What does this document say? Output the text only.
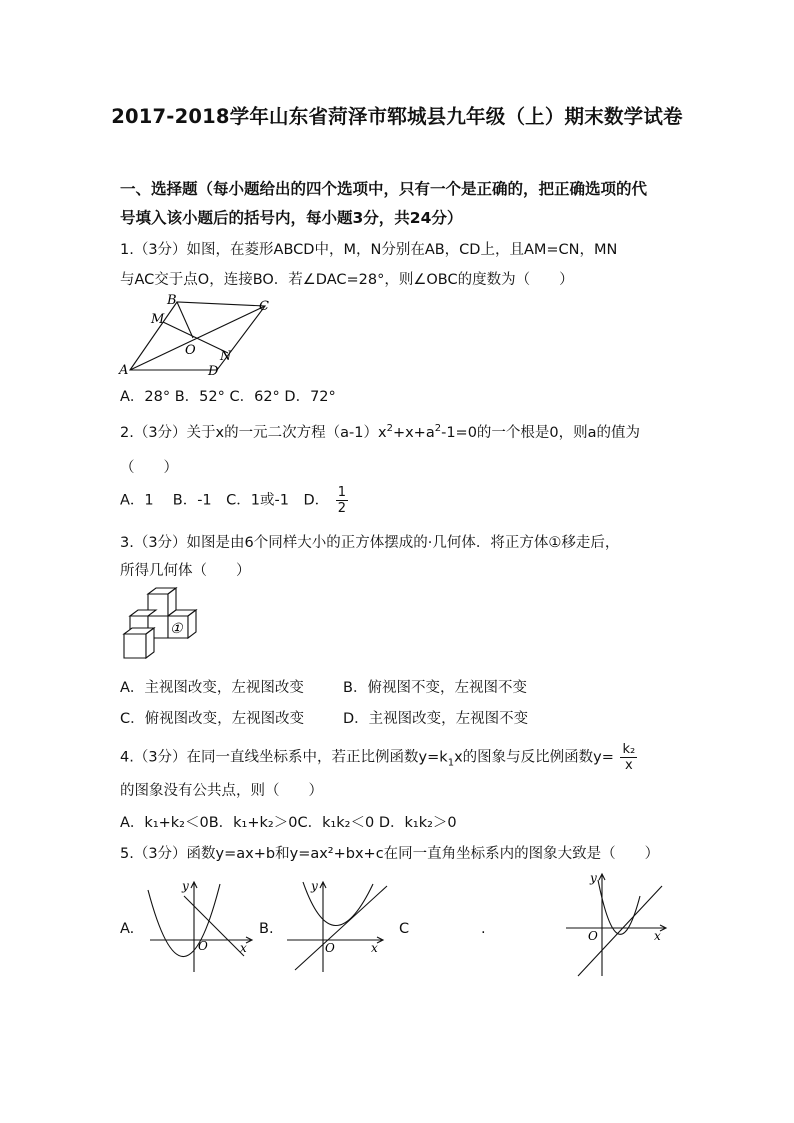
2017-2018学年山东省菏泽市郓城县九年级（上）期末数学试卷
一、选择题（每小题给出的四个选项中，只有一个是正确的，把正确选项的代
号填入该小题后的括号内，每小题3分，共24分）
1.（3分）如图，在菱形ABCD中，M，N分别在AB，CD上，且AM=CN，MN
与AC交于点O，连接BO．若∠DAC=28°，则∠OBC的度数为（　　）
A
B	C
D
M
N
O
A．28° B．52° C．62° D．72°
2.（3分）关于x的一元二次方程$(a-1)x^2+x+a^2-1=0$的一个根是0，则a的值为
（　　）
A．1　 B．-1　C．1或-1　D． $\frac{1}{2}$
3.（3分）如图是由6个同样大小的正方体摆成的·几何体．将正方体①移走后，
所得几何体（　　）
①
A．主视图改变，左视图改变	B．俯视图不变，左视图不变
C．俯视图改变，左视图改变	D．主视图改变，左视图不变
4.（3分）在同一直线坐标系中，若正比例函数$y=k_1x$的图象与反比例函数$y= \frac{\text{k₂}}{x}$
的图象没有公共点，则（　　）
A．k₁+k₂＜0B．k₁+k₂＞0C．k₁k₂＜0 D．k₁k₂＞0
5.（3分）函数y=ax+b和y=ax²+bx+c在同一直角坐标系内的图象大致是（　　）
A.
x
y
O
B.
x
y
O
C	.	x
y
O
